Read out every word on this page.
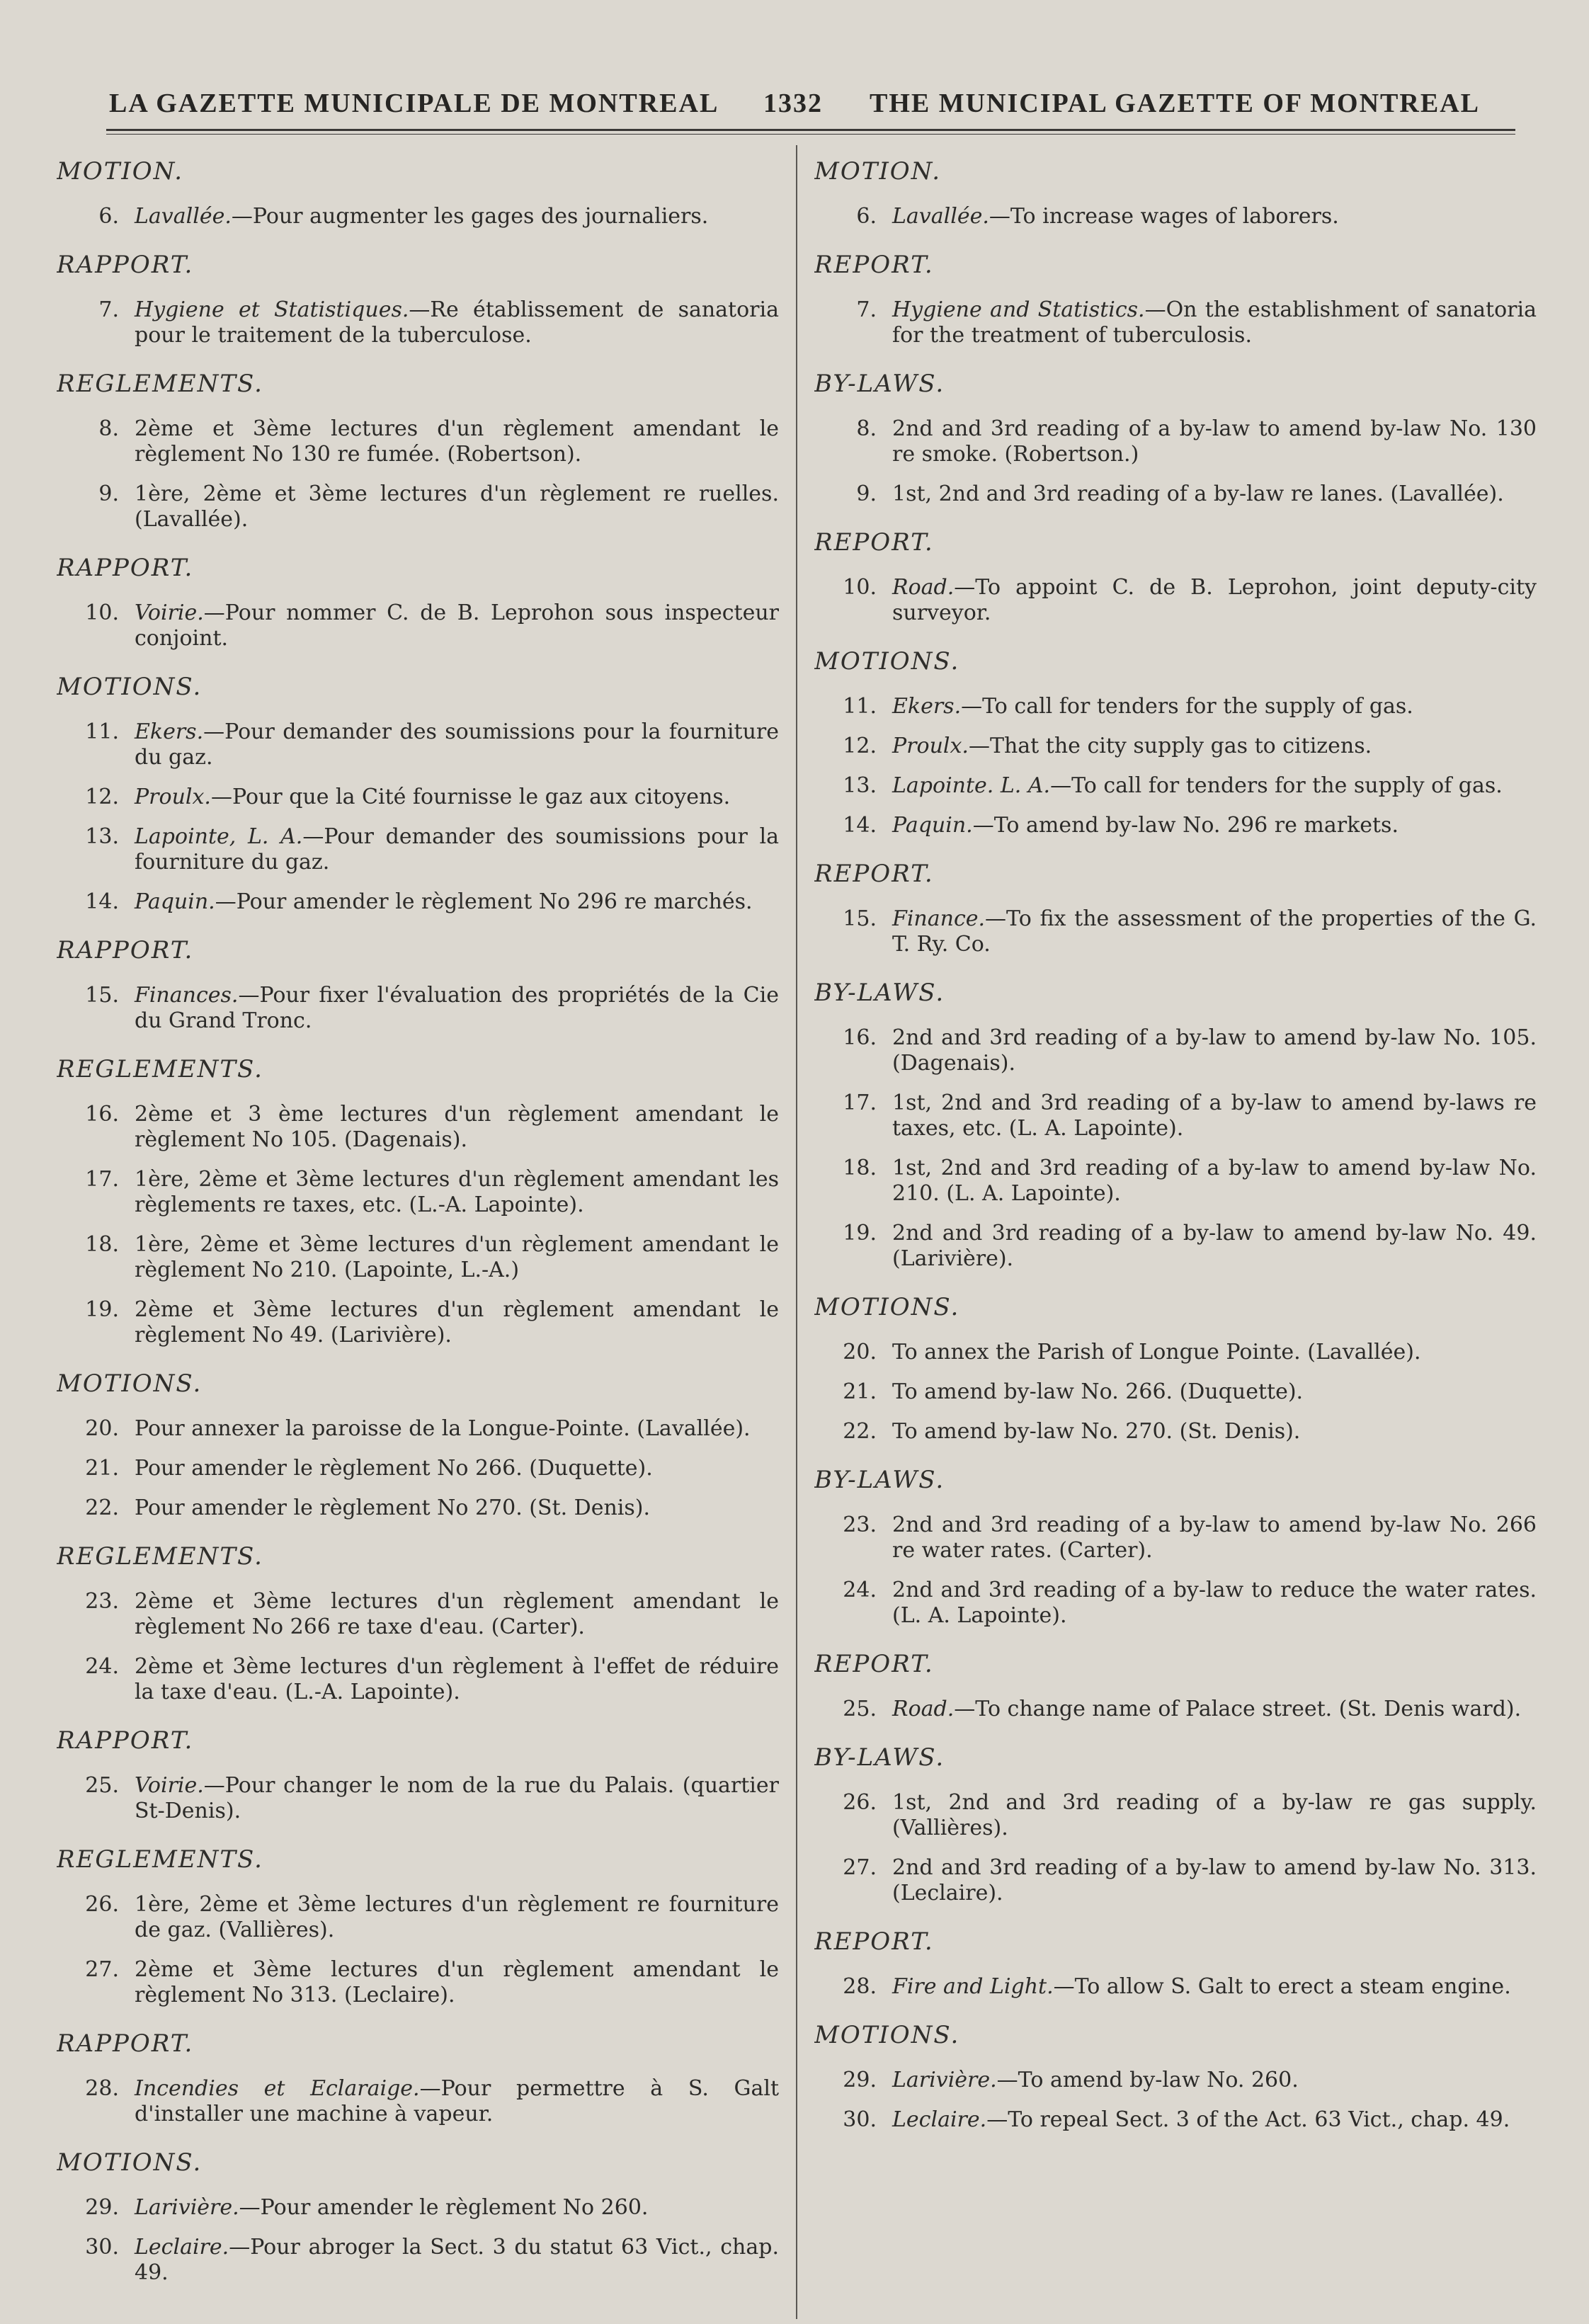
LA GAZETTE MUNICIPALE DE MONTREAL 1332 THE MUNICIPAL GAZETTE OF MONTREAL
MOTION.
6. Lavallée.—Pour augmenter les gages des journaliers.
RAPPORT.
7. Hygiene et Statistiques.—Re établissement de sanatoria pour le traitement de la tuberculose.
REGLEMENTS.
8. 2ème et 3ème lectures d'un règlement amendant le règlement No 130 re fumée. (Robertson).
9. 1ère, 2ème et 3ème lectures d'un règlement re ruelles. (Lavallée).
RAPPORT.
10. Voirie.—Pour nommer C. de B. Leprohon sous inspecteur conjoint.
MOTIONS.
11. Ekers.—Pour demander des soumissions pour la fourniture du gaz.
12. Proulx.—Pour que la Cité fournisse le gaz aux citoyens.
13. Lapointe, L. A.—Pour demander des soumissions pour la fourniture du gaz.
14. Paquin.—Pour amender le règlement No 296 re marchés.
RAPPORT.
15. Finances.—Pour fixer l'évaluation des propriétés de la Cie du Grand Tronc.
REGLEMENTS.
16. 2ème et 3 ème lectures d'un règlement amendant le règlement No 105. (Dagenais).
17. 1ère, 2ème et 3ème lectures d'un règlement amendant les règlements re taxes, etc. (L.-A. Lapointe).
18. 1ère, 2ème et 3ème lectures d'un règlement amendant le règlement No 210. (Lapointe, L.-A.)
19. 2ème et 3ème lectures d'un règlement amendant le règlement No 49. (Larivière).
MOTIONS.
20. Pour annexer la paroisse de la Longue-Pointe. (Lavallée).
21. Pour amender le règlement No 266. (Duquette).
22. Pour amender le règlement No 270. (St. Denis).
REGLEMENTS.
23. 2ème et 3ème lectures d'un règlement amendant le règlement No 266 re taxe d'eau. (Carter).
24. 2ème et 3ème lectures d'un règlement à l'effet de réduire la taxe d'eau. (L.-A. Lapointe).
RAPPORT.
25. Voirie.—Pour changer le nom de la rue du Palais. (quartier St-Denis).
REGLEMENTS.
26. 1ère, 2ème et 3ème lectures d'un règlement re fourniture de gaz. (Vallières).
27. 2ème et 3ème lectures d'un règlement amendant le règlement No 313. (Leclaire).
RAPPORT.
28. Incendies et Eclaraige.—Pour permettre à S. Galt d'installer une machine à vapeur.
MOTIONS.
29. Larivière.—Pour amender le règlement No 260.
30. Leclaire.—Pour abroger la Sect. 3 du statut 63 Vict., chap. 49.
MOTION.
6. Lavallée.—To increase wages of laborers.
REPORT.
7. Hygiene and Statistics.—On the establishment of sanatoria for the treatment of tuberculosis.
BY-LAWS.
8. 2nd and 3rd reading of a by-law to amend by-law No. 130 re smoke. (Robertson.)
9. 1st, 2nd and 3rd reading of a by-law re lanes. (Lavallée).
REPORT.
10. Road.—To appoint C. de B. Leprohon, joint deputy-city surveyor.
MOTIONS.
11. Ekers.—To call for tenders for the supply of gas.
12. Proulx.—That the city supply gas to citizens.
13. Lapointe. L. A.—To call for tenders for the supply of gas.
14. Paquin.—To amend by-law No. 296 re markets.
REPORT.
15. Finance.—To fix the assessment of the properties of the G. T. Ry. Co.
BY-LAWS.
16. 2nd and 3rd reading of a by-law to amend by-law No. 105. (Dagenais).
17. 1st, 2nd and 3rd reading of a by-law to amend by-laws re taxes, etc. (L. A. Lapointe).
18. 1st, 2nd and 3rd reading of a by-law to amend by-law No. 210. (L. A. Lapointe).
19. 2nd and 3rd reading of a by-law to amend by-law No. 49. (Larivière).
MOTIONS.
20. To annex the Parish of Longue Pointe. (Lavallée).
21. To amend by-law No. 266. (Duquette).
22. To amend by-law No. 270. (St. Denis).
BY-LAWS.
23. 2nd and 3rd reading of a by-law to amend by-law No. 266 re water rates. (Carter).
24. 2nd and 3rd reading of a by-law to reduce the water rates. (L. A. Lapointe).
REPORT.
25. Road.—To change name of Palace street. (St. Denis ward).
BY-LAWS.
26. 1st, 2nd and 3rd reading of a by-law re gas supply. (Vallières).
27. 2nd and 3rd reading of a by-law to amend by-law No. 313. (Leclaire).
REPORT.
28. Fire and Light.—To allow S. Galt to erect a steam engine.
MOTIONS.
29. Larivière.—To amend by-law No. 260.
30. Leclaire.—To repeal Sect. 3 of the Act. 63 Vict., chap. 49.
